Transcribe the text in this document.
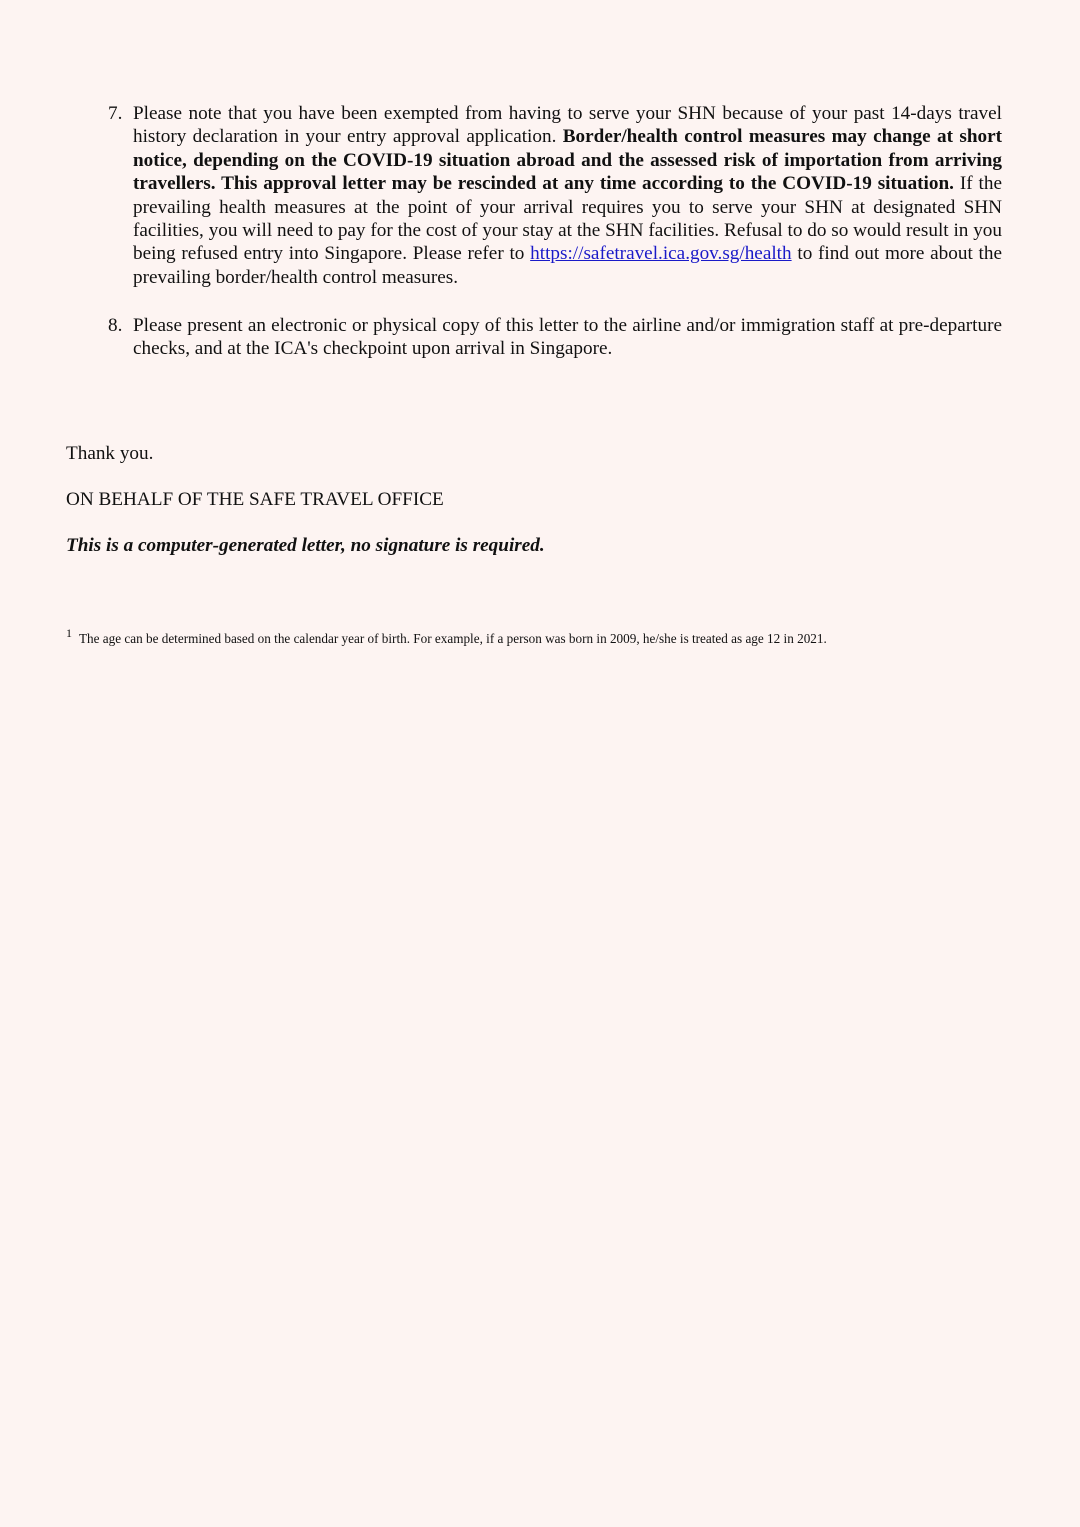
7. Please note that you have been exempted from having to serve your SHN because of your past 14-days travel history declaration in your entry approval application. Border/health control measures may change at short notice, depending on the COVID-19 situation abroad and the assessed risk of importation from arriving travellers. This approval letter may be rescinded at any time according to the COVID-19 situation. If the prevailing health measures at the point of your arrival requires you to serve your SHN at designated SHN facilities, you will need to pay for the cost of your stay at the SHN facilities. Refusal to do so would result in you being refused entry into Singapore. Please refer to https://safetravel.ica.gov.sg/health to find out more about the prevailing border/health control measures.
8. Please present an electronic or physical copy of this letter to the airline and/or immigration staff at pre-departure checks, and at the ICA's checkpoint upon arrival in Singapore.
Thank you.
ON BEHALF OF THE SAFE TRAVEL OFFICE
This is a computer-generated letter, no signature is required.
$^1$ The age can be determined based on the calendar year of birth. For example, if a person was born in 2009, he/she is treated as age 12 in 2021.
